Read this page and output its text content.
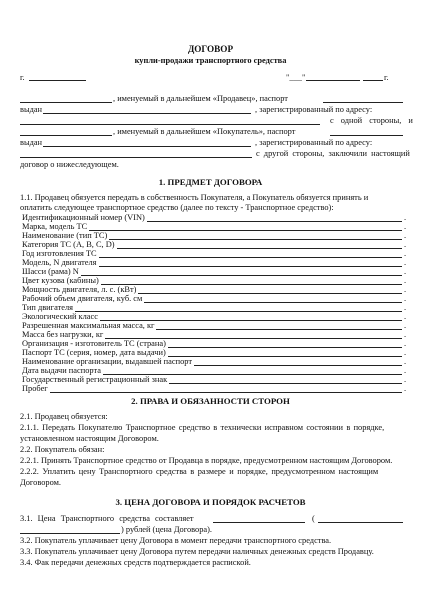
ДОГОВОР
купли-продажи транспортного средства
г.	"___"	г.
, именуемый в дальнейшем «Продавец», паспорт
выдан	, зарегистрированный по адресу:
с одной стороны, и
, именуемый в дальнейшем «Покупатель», паспорт
выдан	, зарегистрированный по адресу:
с другой стороны, заключили настоящий
договор о нижеследующем.
1. ПРЕДМЕТ ДОГОВОРА
1.1. Продавец обязуется передать в собственность Покупателя, а Покупатель обязуется принять и
оплатить следующее транспортное средство (далее по тексту - Транспортное средство):
Идентификационный номер (VIN)	.
Марка, модель ТС	.
Наименование (тип ТС)	.
Категория ТС (A, B, C, D)	.
Год изготовления ТС	.
Модель, N двигателя	.
Шасси (рама) N	.
Цвет кузова (кабины)	.
Мощность двигателя, л. с. (кВт)	.
Рабочий объем двигателя, куб. см	.
Тип двигателя	.
Экологический класс	.
Разрешенная максимальная масса, кг	.
Масса без нагрузки, кг	.
Организация - изготовитель ТС (страна)	.
Паспорт ТС (серия, номер, дата выдачи)	.
Наименование организации, выдавшей паспорт	.
Дата выдачи паспорта	.
Государственный регистрационный знак	.
Пробег	.
2. ПРАВА И ОБЯЗАННОСТИ СТОРОН
2.1. Продавец обязуется:
2.1.1. Передать Покупателю Транспортное средство в технически исправном состоянии в порядке,
установленном настоящим Договором.
2.2. Покупатель обязан:
2.2.1. Принять Транспортное средство от Продавца в порядке, предусмотренном настоящим Договором.
2.2.2. Уплатить цену Транспортного средства в размере и порядке, предусмотренном настоящим
Договором.
3. ЦЕНА ДОГОВОРА И ПОРЯДОК РАСЧЕТОВ
3.1. Цена Транспортного средства составляет	(
) рублей (цена Договора).
3.2. Покупатель уплачивает цену Договора в момент передачи транспортного средства.
3.3. Покупатель уплачивает цену Договора путем передачи наличных денежных средств Продавцу.
3.4. Фак передачи денежных средств подтверждается распиской.
